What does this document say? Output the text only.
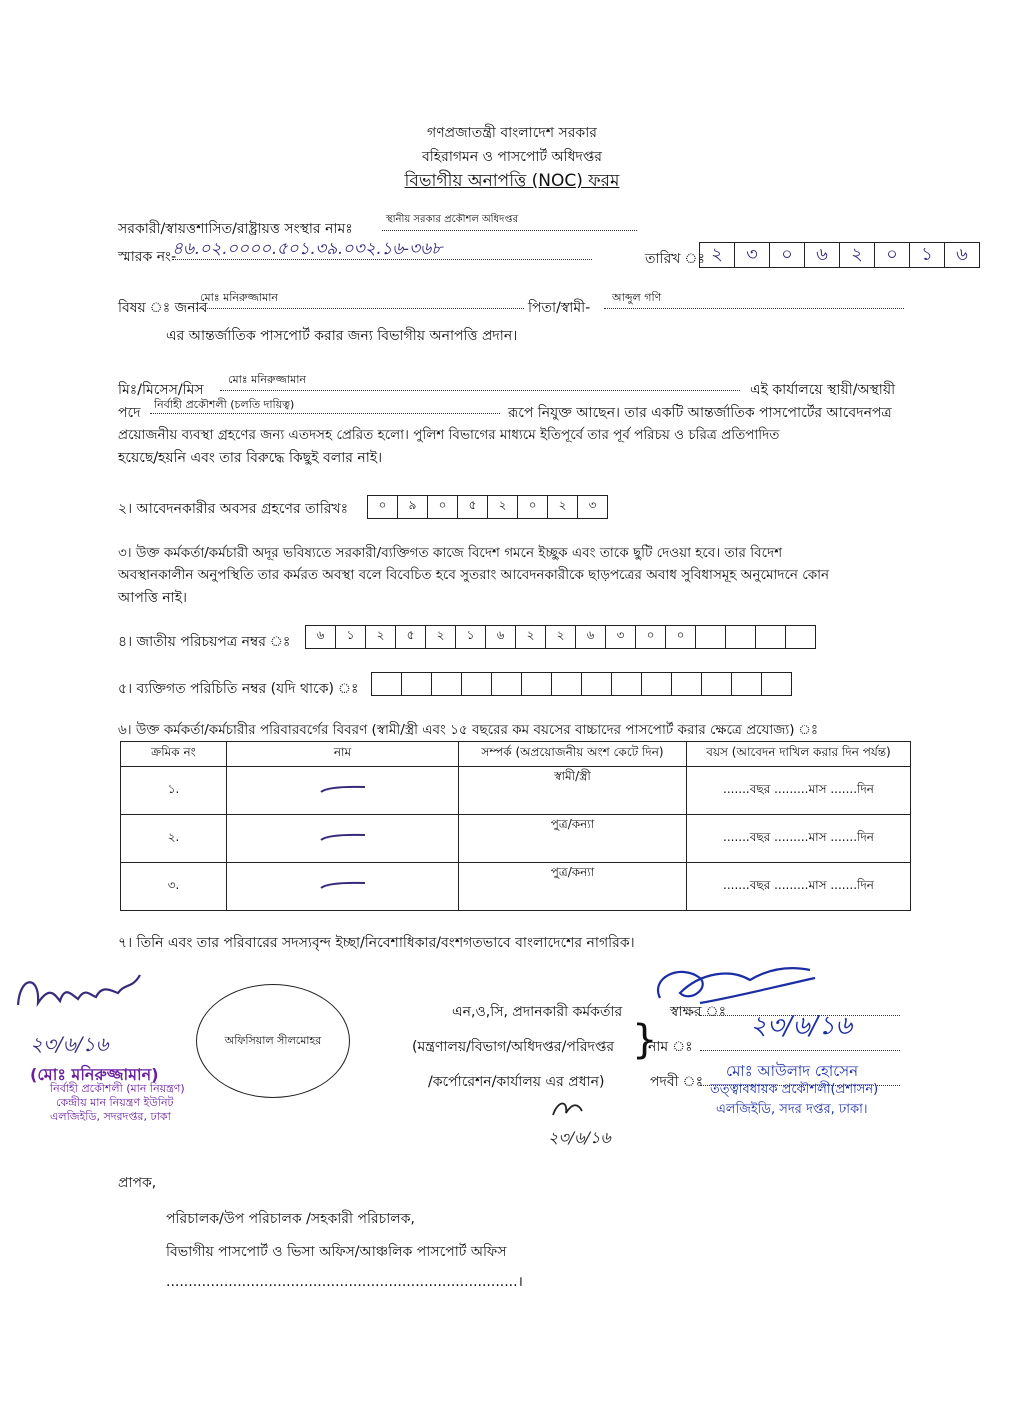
গণপ্রজাতন্ত্রী বাংলাদেশ সরকার
বহিরাগমন ও পাসপোর্ট অধিদপ্তর
বিভাগীয় অনাপত্তি (NOC) ফরম
সরকারী/স্বায়ত্তশাসিত/রাষ্ট্রায়ত্ত সংস্থার নামঃ
স্থানীয় সরকার প্রকৌশল অধিদপ্তর
স্মারক নং-
৪৬.০২.০০০০.৫০১.৩৯.০৩২.১৬-৩৬৮	তারিখ ঃ ২	৩	০	৬	২	০	১	৬
বিষয় ঃ জনাব
মোঃ মনিরুজ্জামান
পিতা/স্বামী-
আব্দুল গণি
এর আন্তর্জাতিক পাসপোর্ট করার জন্য বিভাগীয় অনাপত্তি প্রদান।
মিঃ/মিসেস/মিস
মোঃ মনিরুজ্জামান
এই কার্যালয়ে স্থায়ী/অস্থায়ী
পদে
নির্বাহী প্রকৌশলী (চলতি দায়িত্ব)
রূপে নিযুক্ত আছেন। তার একটি আন্তর্জাতিক পাসপোর্টের আবেদনপত্র
প্রয়োজনীয় ব্যবস্থা গ্রহণের জন্য এতদসহ প্রেরিত হলো। পুলিশ বিভাগের মাধ্যমে ইতিপূর্বে তার পূর্ব পরিচয় ও চরিত্র প্রতিপাদিত
হয়েছে/হয়নি এবং তার বিরুদ্ধে কিছুই বলার নাই।
২। আবেদনকারীর অবসর গ্রহণের তারিখঃ	০	৯	০	৫	২	০	২	৩
৩। উক্ত কর্মকর্তা/কর্মচারী অদূর ভবিষ্যতে সরকারী/ব্যক্তিগত কাজে বিদেশ গমনে ইচ্ছুক এবং তাকে ছুটি দেওয়া হবে। তার বিদেশ
অবস্থানকালীন অনুপস্থিতি তার কর্মরত অবস্থা বলে বিবেচিত হবে সুতরাং আবেদনকারীকে ছাড়পত্রের অবাধ সুবিধাসমূহ অনুমোদনে কোন
আপত্তি নাই।
৪। জাতীয় পরিচয়পত্র নম্বর ঃ	৬	১	২	৫	২	১	৬	২	২	৬	৩	০	০
৫। ব্যক্তিগত পরিচিতি নম্বর (যদি থাকে) ঃ
৬। উক্ত কর্মকর্তা/কর্মচারীর পরিবারবর্গের বিবরণ (স্বামী/স্ত্রী এবং ১৫ বছরের কম বয়সের বাচ্চাদের পাসপোর্ট করার ক্ষেত্রে প্রযোজ্য) ঃ
ক্রমিক নং	নাম	সম্পর্ক (অপ্রয়োজনীয় অংশ কেটে দিন)	বয়স (আবেদন দাখিল করার দিন পর্যন্ত)
১.		স্বামী/স্ত্রী	.......বছর .........মাস .......দিন
২.		পুত্র/কন্যা	.......বছর .........মাস .......দিন
৩.		পুত্র/কন্যা	.......বছর .........মাস .......দিন
৭। তিনি এবং তার পরিবারের সদস্যবৃন্দ ইচ্ছা/নিবেশাধিকার/বংশগতভাবে বাংলাদেশের নাগরিক।
২৩/৬/১৬
(মোঃ মনিরুজ্জামান)
নির্বাহী প্রকৌশলী (মান নিয়ন্ত্রণ)
কেন্দ্রীয় মান নিয়ন্ত্রণ ইউনিট
এলজিইডি, সদরদপ্তর, ঢাকা
অফিসিয়াল সীলমোহর
এন,ও,সি, প্রদানকারী কর্মকর্তার
(মন্ত্রণালয়/বিভাগ/অধিদপ্তর/পরিদপ্তর
/কর্পোরেশন/কার্যালয় এর প্রধান)
}
স্বাক্ষর ঃ
নাম ঃ
পদবী ঃ
২৩/৬/১৬
মোঃ আউলাদ হোসেন
তত্ত্বাবধায়ক প্রকৌশলী(প্রশাসন)
এলজিইডি, সদর দপ্তর, ঢাকা।
২৩/৬/১৬
প্রাপক,
পরিচালক/উপ পরিচালক /সহকারী পরিচালক,
বিভাগীয় পাসপোর্ট ও ভিসা অফিস/আঞ্চলিক পাসপোর্ট অফিস
...............................................................................।
